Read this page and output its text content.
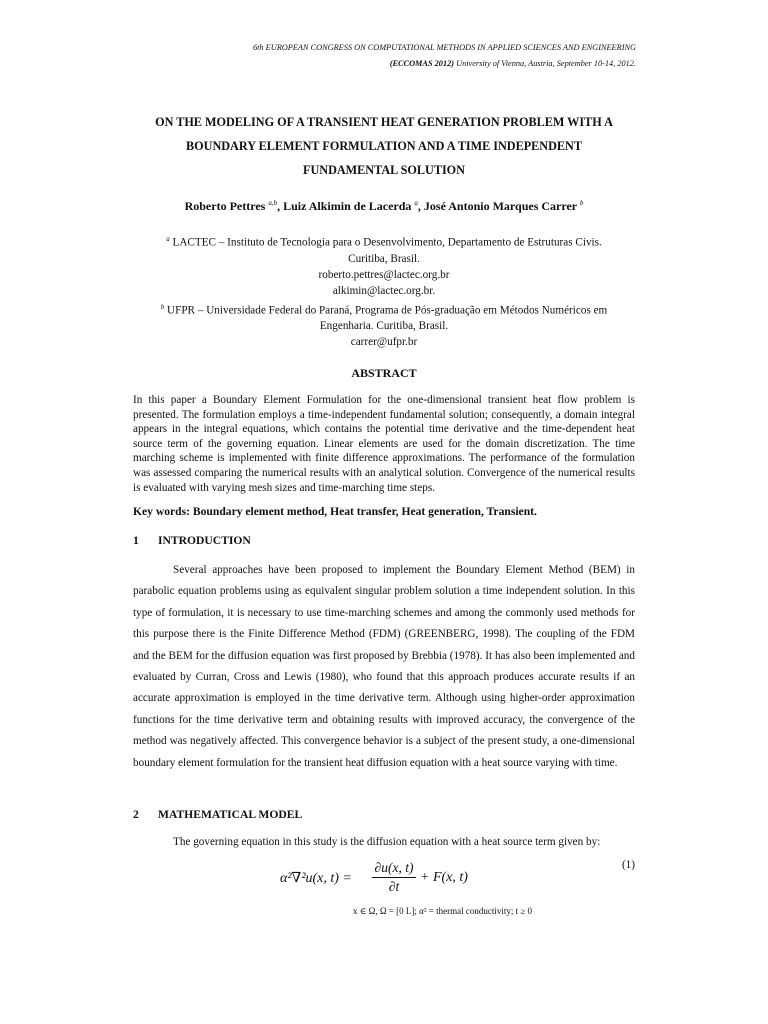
6th EUROPEAN CONGRESS ON COMPUTATIONAL METHODS IN APPLIED SCIENCES AND ENGINEERING
(ECCOMAS 2012) University of Vienna, Austria, September 10-14, 2012.
ON THE MODELING OF A TRANSIENT HEAT GENERATION PROBLEM WITH A
BOUNDARY ELEMENT FORMULATION AND A TIME INDEPENDENT
FUNDAMENTAL SOLUTION
Roberto Pettres $^{a,b}$, Luiz Alkimin de Lacerda $^a$, José Antonio Marques Carrer $^b$
$^a$ LACTEC – Instituto de Tecnologia para o Desenvolvimento, Departamento de Estruturas Civis.
Curitiba, Brasil.
roberto.pettres@lactec.org.br
alkimin@lactec.org.br.
$^b$ UFPR – Universidade Federal do Paraná, Programa de Pós-graduação em Métodos Numéricos em
Engenharia. Curitiba, Brasil.
carrer@ufpr.br
ABSTRACT
In this paper a Boundary Element Formulation for the one-dimensional transient heat flow problem is presented. The formulation employs a time-independent fundamental solution; consequently, a domain integral appears in the integral equations, which contains the potential time derivative and the time-dependent heat source term of the governing equation. Linear elements are used for the domain discretization. The time marching scheme is implemented with finite difference approximations. The performance of the formulation was assessed comparing the numerical results with an analytical solution. Convergence of the numerical results is evaluated with varying mesh sizes and time-marching time steps.
Key words: Boundary element method, Heat transfer, Heat generation, Transient.
1 INTRODUCTION
Several approaches have been proposed to implement the Boundary Element Method (BEM) in parabolic equation problems using as equivalent singular problem solution a time independent solution. In this type of formulation, it is necessary to use time-marching schemes and among the commonly used methods for this purpose there is the Finite Difference Method (FDM) (GREENBERG, 1998). The coupling of the FDM and the BEM for the diffusion equation was first proposed by Brebbia (1978). It has also been implemented and evaluated by Curran, Cross and Lewis (1980), who found that this approach produces accurate results if an accurate approximation is employed in the time derivative term. Although using higher-order approximation functions for the time derivative term and obtaining results with improved accuracy, the convergence of the method was negatively affected. This convergence behavior is a subject of the present study, a one-dimensional boundary element formulation for the transient heat diffusion equation with a heat source varying with time.
2 MATHEMATICAL MODEL
The governing equation in this study is the diffusion equation with a heat source term given by:
(1)
α²∇²u(x, t) =
∂u(x, t)
∂t
+ F(x, t)
x ∈ Ω, Ω = [0 L]; α² = thermal conductivity; t ≥ 0
